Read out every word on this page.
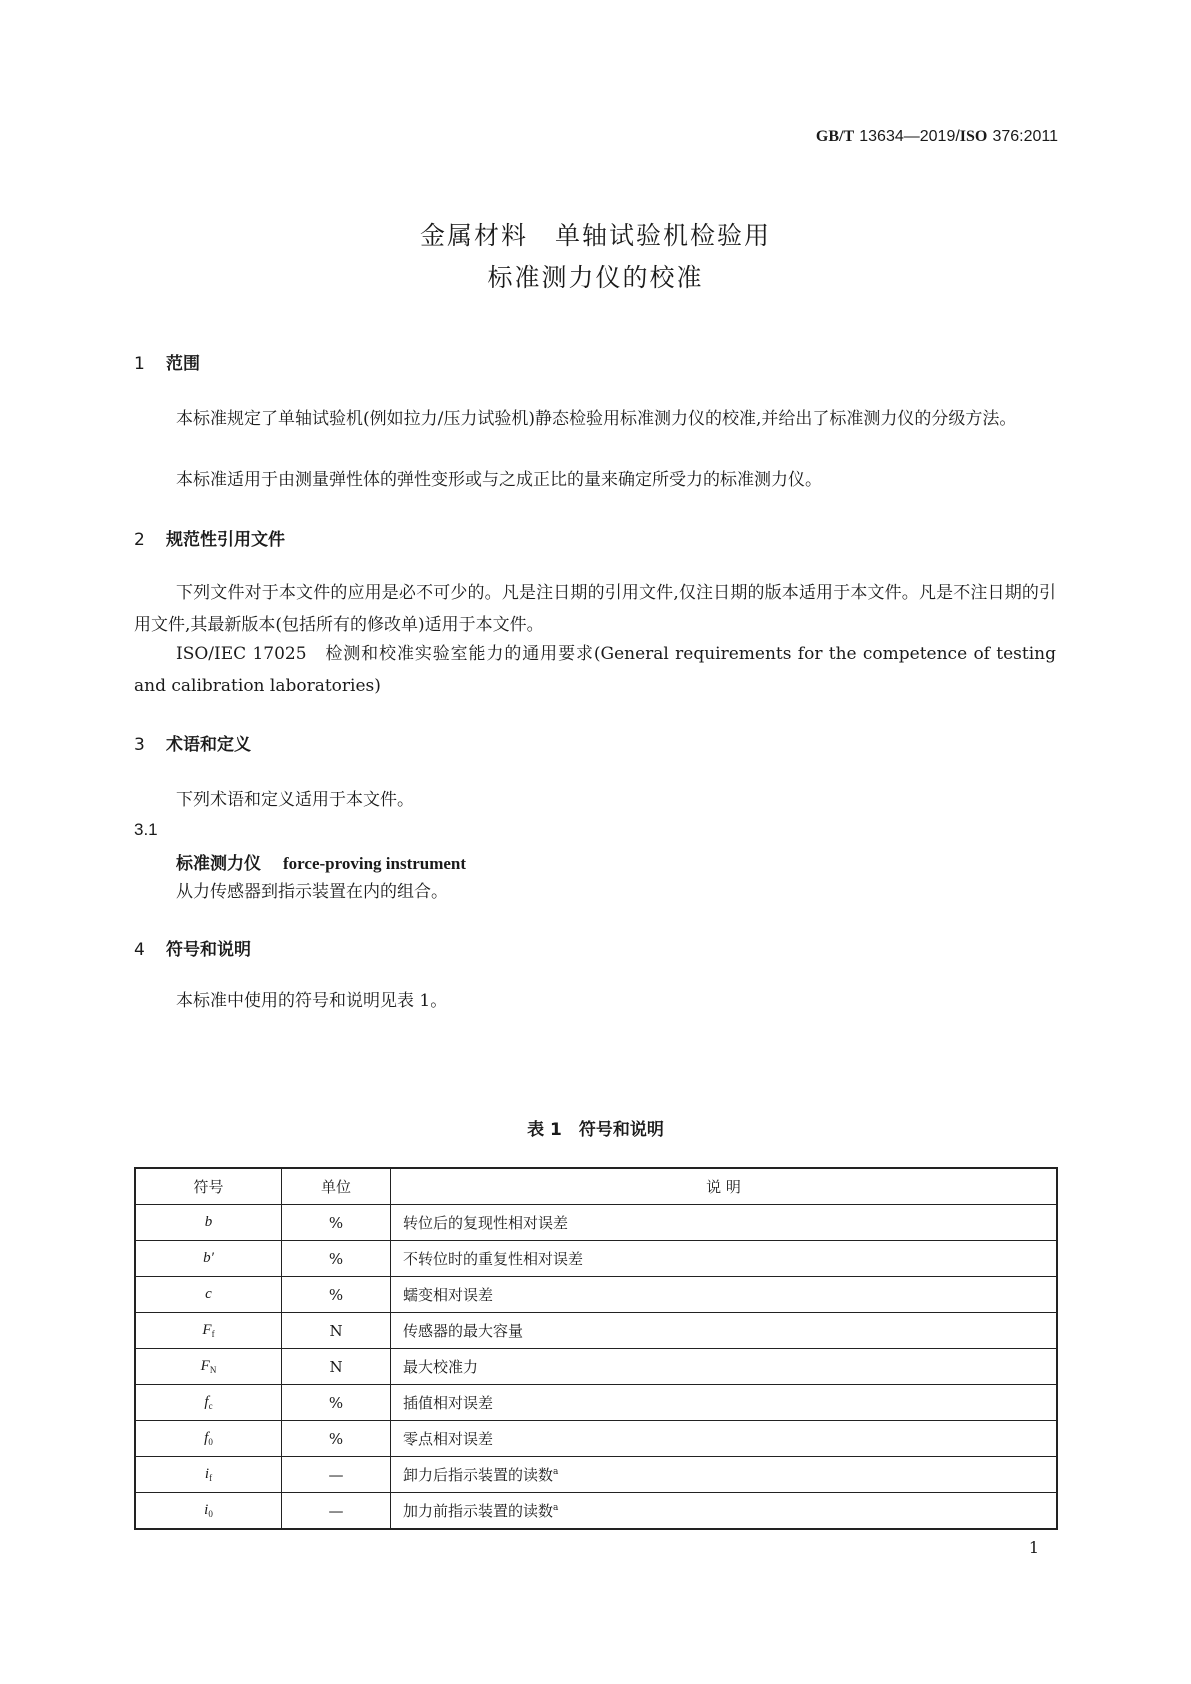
GB/T 13634—2019/ISO 376:2011
金属材料　单轴试验机检验用
标准测力仪的校准
1 范围
本标准规定了单轴试验机(例如拉力/压力试验机)静态检验用标准测力仪的校准,并给出了标准测力仪的分级方法。
本标准适用于由测量弹性体的弹性变形或与之成正比的量来确定所受力的标准测力仪。
2 规范性引用文件
下列文件对于本文件的应用是必不可少的。凡是注日期的引用文件,仅注日期的版本适用于本文件。凡是不注日期的引用文件,其最新版本(包括所有的修改单)适用于本文件。
ISO/IEC 17025　检测和校准实验室能力的通用要求(General requirements for the competence of testing and calibration laboratories)
3 术语和定义
下列术语和定义适用于本文件。
3.1
标准测力仪 force-proving instrument
从力传感器到指示装置在内的组合。
4 符号和说明
本标准中使用的符号和说明见表 1。
表 1　符号和说明
符号	单位	说 明
b	%	转位后的复现性相对误差
b′	%	不转位时的重复性相对误差
c	%	蠕变相对误差
$F_f$	N	传感器的最大容量
$F_N$	N	最大校准力
$f_c$	%	插值相对误差
$f_0$	%	零点相对误差
$i_f$	—	卸力后指示装置的读数$^a$
$i_0$	—	加力前指示装置的读数$^a$
1
